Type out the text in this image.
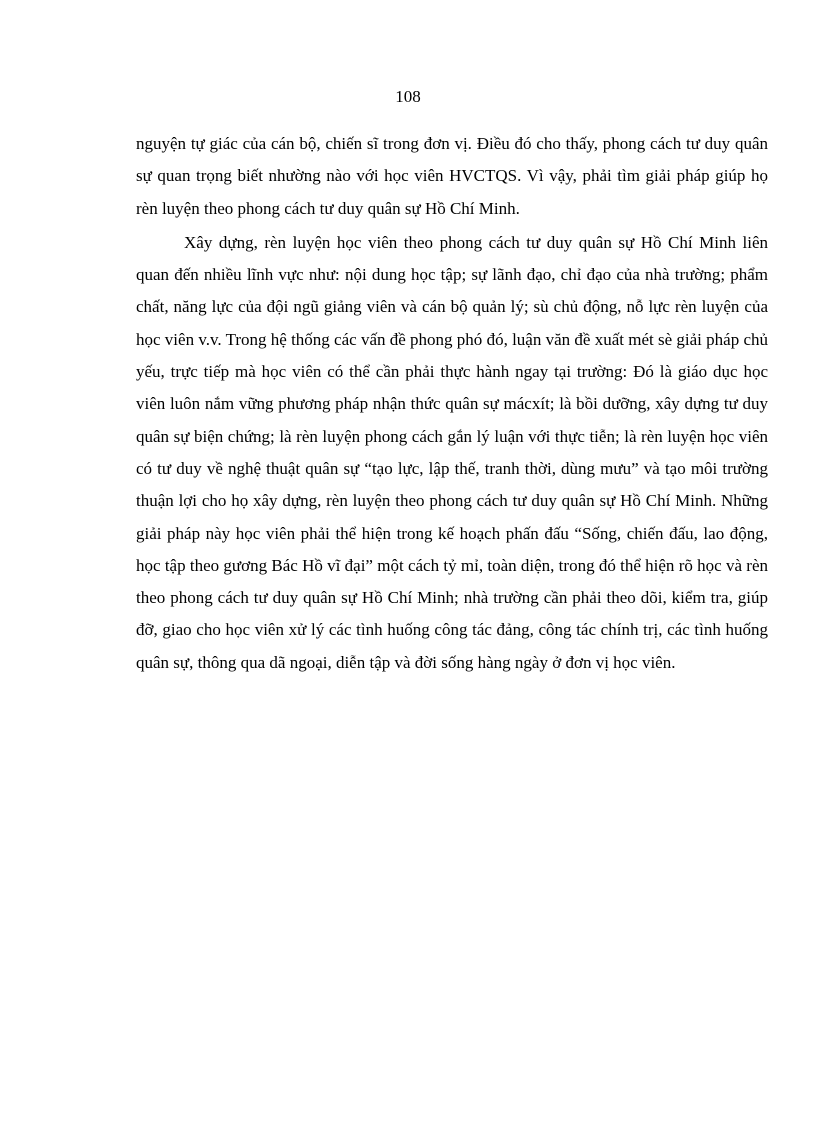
108

nguyện tự giác của cán bộ, chiến sĩ trong đơn vị. Điều đó cho thấy, phong cách tư duy quân sự quan trọng biết nhường nào với học viên HVCTQS. Vì vậy, phải tìm giải pháp giúp họ rèn luyện theo phong cách tư duy quân sự Hồ Chí Minh.

Xây dựng, rèn luyện học viên theo phong cách tư duy quân sự Hồ Chí Minh liên quan đến nhiều lĩnh vực như: nội dung học tập; sự lãnh đạo, chỉ đạo của nhà trường; phẩm chất, năng lực của đội ngũ giảng viên và cán bộ quản lý; sù chủ động, nỗ lực rèn luyện của học viên v.v. Trong hệ thống các vấn đề phong phó đó, luận văn đề xuất mét sè giải pháp chủ yếu, trực tiếp mà học viên có thể cần phải thực hành ngay tại trường: Đó là giáo dục học viên luôn nắm vững phương pháp nhận thức quân sự mácxít; là bồi dưỡng, xây dựng tư duy quân sự biện chứng; là rèn luyện phong cách gắn lý luận với thực tiễn; là rèn luyện học viên có tư duy về nghệ thuật quân sự “tạo lực, lập thế, tranh thời, dùng mưu” và tạo môi trường thuận lợi cho họ xây dựng, rèn luyện theo phong cách tư duy quân sự Hồ Chí Minh. Những giải pháp này học viên phải thể hiện trong kế hoạch phấn đấu “Sống, chiến đấu, lao động, học tập theo gương Bác Hồ vĩ đại” một cách tỷ mỉ, toàn diện, trong đó thể hiện rõ học và rèn theo phong cách tư duy quân sự Hồ Chí Minh; nhà trường cần phải theo dõi, kiểm tra, giúp đỡ, giao cho học viên xử lý các tình huống công tác đảng, công tác chính trị, các tình huống quân sự, thông qua dã ngoại, diễn tập và đời sống hàng ngày ở đơn vị học viên.
